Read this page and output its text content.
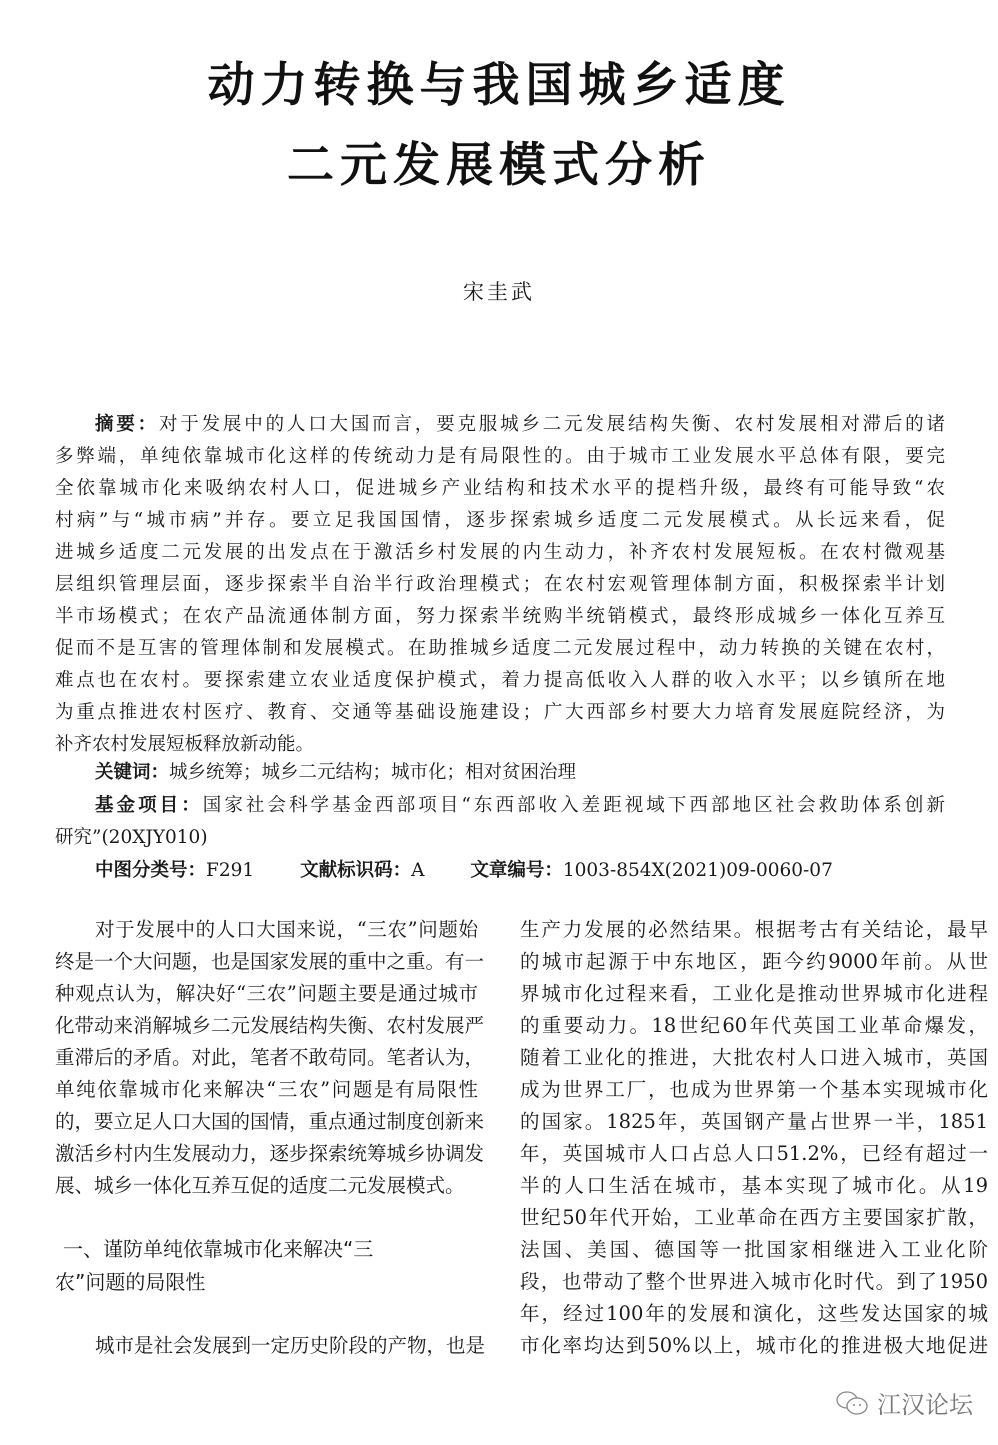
动力转换与我国城乡适度
二元发展模式分析
宋圭武
摘要：对于发展中的人口大国而言，要克服城乡二元发展结构失衡、农村发展相对滞后的诸
多弊端，单纯依靠城市化这样的传统动力是有局限性的。由于城市工业发展水平总体有限，要完
全依靠城市化来吸纳农村人口，促进城乡产业结构和技术水平的提档升级，最终有可能导致“农
村病”与“城市病”并存。要立足我国国情，逐步探索城乡适度二元发展模式。从长远来看，促
进城乡适度二元发展的出发点在于激活乡村发展的内生动力，补齐农村发展短板。在农村微观基
层组织管理层面，逐步探索半自治半行政治理模式；在农村宏观管理体制方面，积极探索半计划
半市场模式；在农产品流通体制方面，努力探索半统购半统销模式，最终形成城乡一体化互养互
促而不是互害的管理体制和发展模式。在助推城乡适度二元发展过程中，动力转换的关键在农村，
难点也在农村。要探索建立农业适度保护模式，着力提高低收入人群的收入水平；以乡镇所在地
为重点推进农村医疗、教育、交通等基础设施建设；广大西部乡村要大力培育发展庭院经济，为
补齐农村发展短板释放新动能。
关键词：城乡统筹；城乡二元结构；城市化；相对贫困治理
基金项目：国家社会科学基金西部项目“东西部收入差距视域下西部地区社会救助体系创新
研究”(20XJY010)
中图分类号：F291 文献标识码：A 文章编号：1003-854X(2021)09-0060-07
对于发展中的人口大国来说，“三农”问题始
终是一个大问题，也是国家发展的重中之重。有一
种观点认为，解决好“三农”问题主要是通过城市
化带动来消解城乡二元发展结构失衡、农村发展严
重滞后的矛盾。对此，笔者不敢苟同。笔者认为，
单纯依靠城市化来解决“三农”问题是有局限性
的，要立足人口大国的国情，重点通过制度创新来
激活乡村内生发展动力，逐步探索统筹城乡协调发
展、城乡一体化互养互促的适度二元发展模式。
一、谨防单纯依靠城市化来解决“三
农”问题的局限性
城市是社会发展到一定历史阶段的产物，也是
生产力发展的必然结果。根据考古有关结论，最早
的城市起源于中东地区，距今约9000年前。从世
界城市化过程来看，工业化是推动世界城市化进程
的重要动力。18世纪60年代英国工业革命爆发，
随着工业化的推进，大批农村人口进入城市，英国
成为世界工厂，也成为世界第一个基本实现城市化
的国家。1825年，英国钢产量占世界一半，1851
年，英国城市人口占总人口51.2%，已经有超过一
半的人口生活在城市，基本实现了城市化。从19
世纪50年代开始，工业革命在西方主要国家扩散，
法国、美国、德国等一批国家相继进入工业化阶
段，也带动了整个世界进入城市化时代。到了1950
年，经过100年的发展和演化，这些发达国家的城
市化率均达到50%以上，城市化的推进极大地促进
江汉论坛
